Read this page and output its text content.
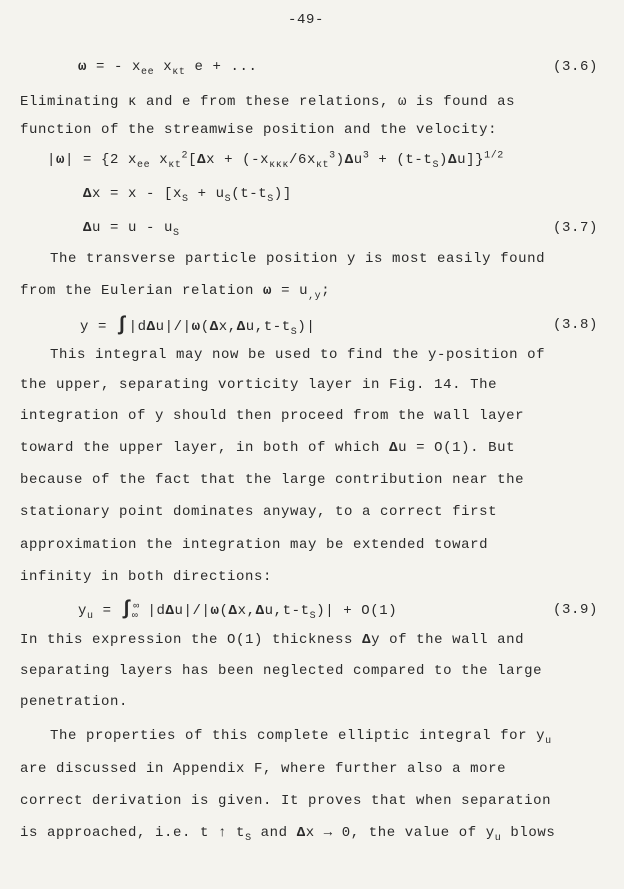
-49-
ω = - $x_{ee}$ $x_{\kappa t}$ e + ...	(3.6)
Eliminating κ and e from these relations, ω is found as
function of the streamwise position and the velocity:
|ω| = {2 $x_{ee}$ $x_{\kappa t}^2[\Delta x + (-x_{\kappa\kappa\kappa}/6x_{\kappa t}^3)\Delta u^3 + (t-t_S)\Delta u]\}^{1/2}$
$\Delta x = x - [x_S + u_S(t-t_S)]$
$\Delta u = u - u_S$	(3.7)
The transverse particle position y is most easily found
from the Eulerian relation $\omega = u_{,y}$;
$y = \int|d\Delta u|/|\omega(\Delta x,\Delta u,t-t_S)|$	(3.8)
This integral may now be used to find the y-position of
the upper, separating vorticity layer in Fig. 14. The
integration of y should then proceed from the wall layer
toward the upper layer, in both of which Δu = O(1). But
because of the fact that the large contribution near the
stationary point dominates anyway, to a correct first
approximation the integration may be extended toward
infinity in both directions:
$y_u = \int^\infty_\infty$ $|d\Delta u|/|\omega(\Delta x,\Delta u,t-t_S)| + O(1)$	(3.9)
In this expression the O(1) thickness Δy of the wall and
separating layers has been neglected compared to the large
penetration.
The properties of this complete elliptic integral for $y_u$
are discussed in Appendix F, where further also a more
correct derivation is given. It proves that when separation
is approached, i.e. t ↑ $t_S$ and Δx → 0, the value of $y_u$ blows
